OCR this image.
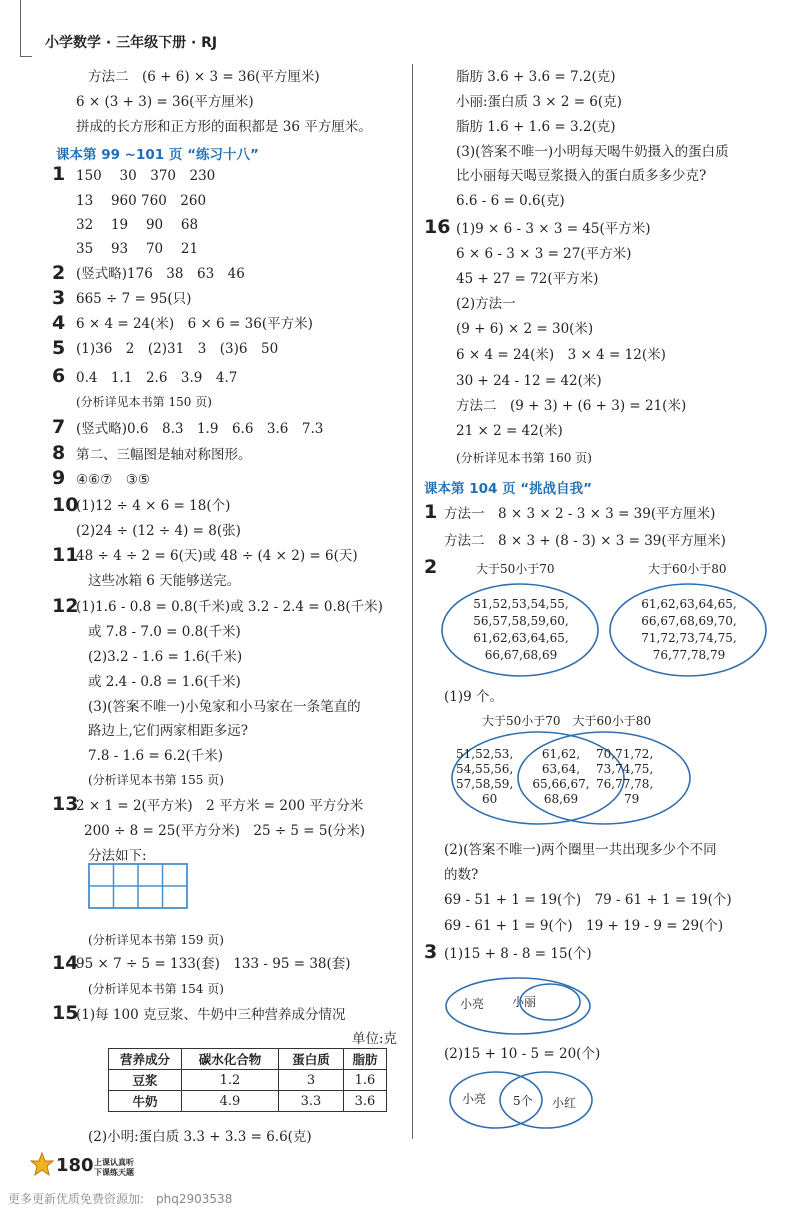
小学数学 · 三年级下册 · RJ
方法二　(6 + 6) × 3 = 36(平方厘米)
6 × (3 + 3) = 36(平方厘米)
拼成的长方形和正方形的面积都是 36 平方厘米。
课本第 99 ~101 页 “练习十八”
1 150　 30　370　230
13　 960 760　260
32　 19　 90　 68
35　 93　 70　 21
2 (竖式略)176　38　63　46
3 665 ÷ 7 = 95(只)
4 6 × 4 = 24(米)　6 × 6 = 36(平方米)
5 (1)36　2　(2)31　3　(3)6　50
6 0.4　1.1　2.6　3.9　4.7
(分析详见本书第 150 页)
7 (竖式略)0.6　8.3　1.9　6.6　3.6　7.3
8 第二、三幅图是轴对称图形。
9 ④⑥⑦　③⑤
10
(1)12 ÷ 4 × 6 = 18(个)
(2)24 ÷ (12 ÷ 4) = 8(张)
11
48 ÷ 4 ÷ 2 = 6(天)或 48 ÷ (4 × 2) = 6(天)
这些冰箱 6 天能够送完。
12
(1)1.6 - 0.8 = 0.8(千米)或 3.2 - 2.4 = 0.8(千米)
或 7.8 - 7.0 = 0.8(千米)
(2)3.2 - 1.6 = 1.6(千米)
或 2.4 - 0.8 = 1.6(千米)
(3)(答案不唯一)小兔家和小马家在一条笔直的
路边上,它们两家相距多远?
7.8 - 1.6 = 6.2(千米)
(分析详见本书第 155 页)
13
2 × 1 = 2(平方米)　2 平方米 = 200 平方分米
200 ÷ 8 = 25(平方分米)　25 ÷ 5 = 5(分米)
分法如下:
(分析详见本书第 159 页)
14
95 × 7 ÷ 5 = 133(套)　133 - 95 = 38(套)
(分析详见本书第 154 页)
15
(1)每 100 克豆浆、牛奶中三种营养成分情况
单位:克
(2)小明:蛋白质 3.3 + 3.3 = 6.6(克)
脂肪 3.6 + 3.6 = 7.2(克)
小丽:蛋白质 3 × 2 = 6(克)
脂肪 1.6 + 1.6 = 3.2(克)
(3)(答案不唯一)小明每天喝牛奶摄入的蛋白质
比小丽每天喝豆浆摄入的蛋白质多多少克?
6.6 - 6 = 0.6(克)
16 (1)9 × 6 - 3 × 3 = 45(平方米)
6 × 6 - 3 × 3 = 27(平方米)
45 + 27 = 72(平方米)
(2)方法一
(9 + 6) × 2 = 30(米)
6 × 4 = 24(米)　3 × 4 = 12(米)
30 + 24 - 12 = 42(米)
方法二　(9 + 3) + (6 + 3) = 21(米)
21 × 2 = 42(米)
(分析详见本书第 160 页)
课本第 104 页 “挑战自我”
1 方法一　8 × 3 × 2 - 3 × 3 = 39(平方厘米)
方法二　8 × 3 + (8 - 3) × 3 = 39(平方厘米)
2
(1)9 个。
(2)(答案不唯一)两个圈里一共出现多少个不同
的数?
69 - 51 + 1 = 19(个)　79 - 61 + 1 = 19(个)
69 - 61 + 1 = 9(个)　19 + 19 - 9 = 29(个)
3 (1)15 + 8 - 8 = 15(个)
(2)15 + 10 - 5 = 20(个)
营养成分	碳水化合物	蛋白质	脂肪
豆浆	1.2	3	1.6
牛奶	4.9	3.3	3.6
大于50小于70	大于60小于80
51,52,53,54,55,
56,57,58,59,60,
61,62,63,64,65,
66,67,68,69
61,62,63,64,65,
66,67,68,69,70,
71,72,73,74,75,
76,77,78,79
大于50小于70　大于60小于80
51,52,53,
54,55,56,
57,58,59,
60
61,62,
63,64,
65,66,67,
68,69
70,71,72,
73,74,75,
76,77,78,
79
小亮 小丽
小亮 5个 小红
180 上课认真听
下课练天题
更多更新优质免费资源加:　phq2903538
